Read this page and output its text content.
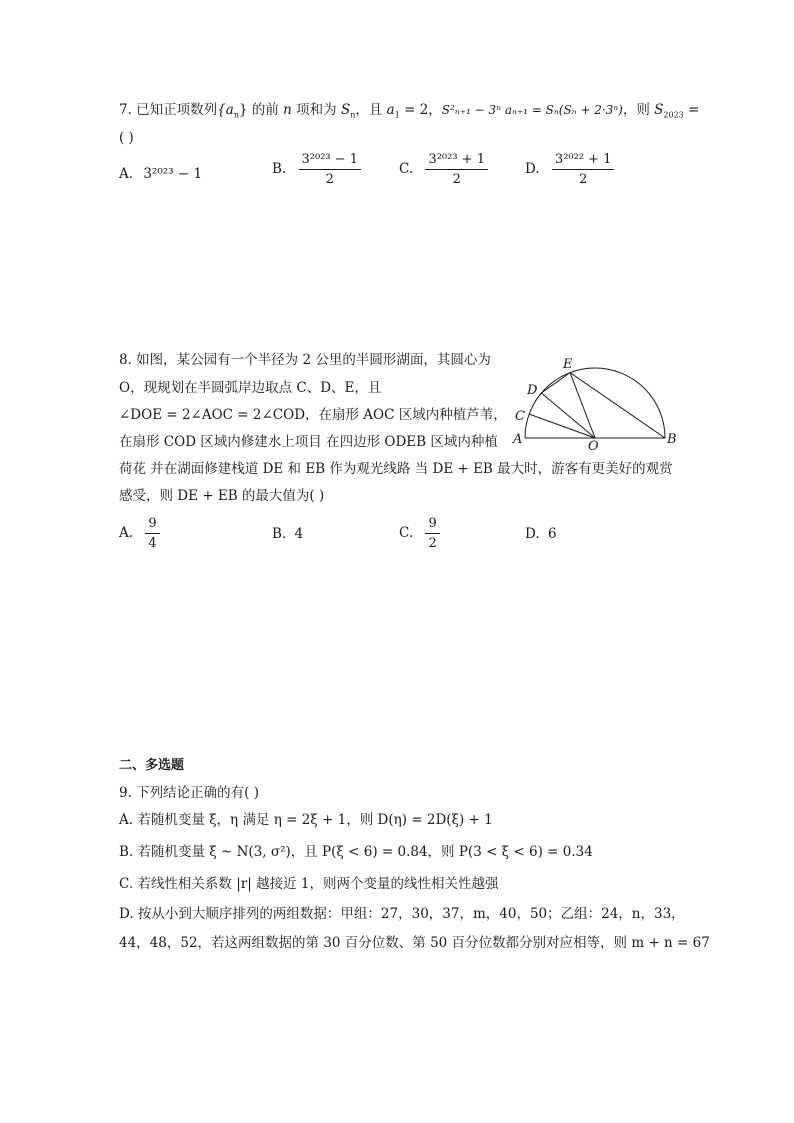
7. 已知正项数列$\{a_n\}$ 的前 n 项和为 $S_n$，且 $a_1 = 2$，S²ₙ₊₁ − 3ⁿ aₙ₊₁ = Sₙ(Sₙ + 2·3ⁿ)，则 $S_{2023}$ =
( )
A. 3²⁰²³ − 1	B. $\frac{\text{3²⁰²³ − 1}}{2}$	C. $\frac{\text{3²⁰²³ + 1}}{2}$	D. $\frac{\text{3²⁰²² + 1}}{2}$
8. 如图，某公园有一个半径为 2 公里的半圆形湖面，其圆心为
O，现规划在半圆弧岸边取点 C、D、E，且
∠DOE = 2∠AOC = 2∠COD，在扇形 AOC 区域内种植芦苇，
在扇形 COD 区域内修建水上项目 在四边形 ODEB 区域内种植
荷花 并在湖面修建栈道 DE 和 EB 作为观光线路 当 DE + EB 最大时，游客有更美好的观赏
感受，则 DE + EB 的最大值为( )
A	B
C
D
E
O
A. $\frac{9}{4}$	B. 4	C. $\frac{9}{2}$	D. 6
二、多选题
9. 下列结论正确的有( )
A. 若随机变量 ξ，η 满足 η = 2ξ + 1，则 D(η) = 2D(ξ) + 1
B. 若随机变量 ξ ~ N(3, σ²)，且 P(ξ < 6) = 0.84，则 P(3 < ξ < 6) = 0.34
C. 若线性相关系数 |r| 越接近 1，则两个变量的线性相关性越强
D. 按从小到大顺序排列的两组数据：甲组：27，30，37，m，40，50；乙组：24，n，33，
44，48，52，若这两组数据的第 30 百分位数、第 50 百分位数都分别对应相等，则 m + n = 67
